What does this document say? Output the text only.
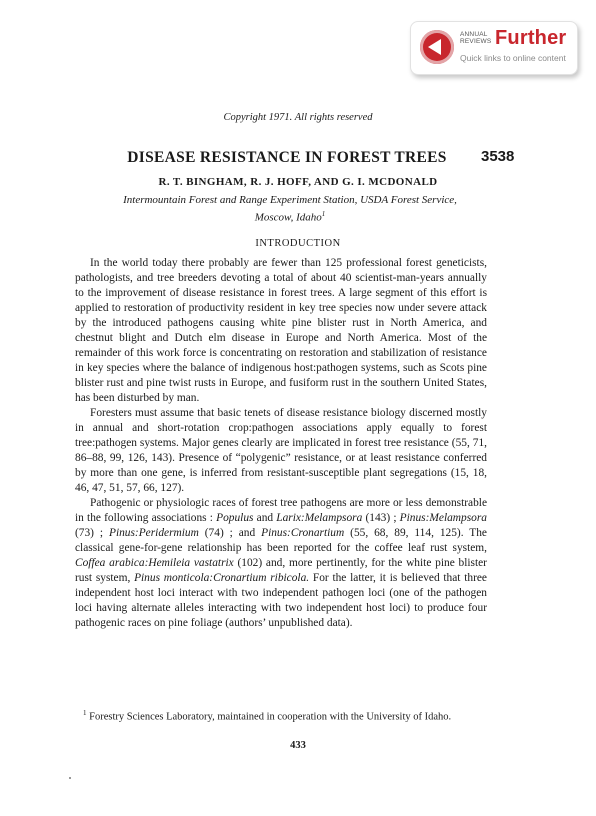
ANNUAL
REVIEWS Further
Quick links to online content
Copyright 1971. All rights reserved
DISEASE RESISTANCE IN FOREST TREES	3538
R. T. BINGHAM, R. J. HOFF, AND G. I. MCDONALD
Intermountain Forest and Range Experiment Station, USDA Forest Service,
Moscow, Idaho$^1$
INTRODUCTION

In the world today there probably are fewer than 125 professional forest geneticists, pathologists, and tree breeders devoting a total of about 40 scientist-man-years annually to the improvement of disease resistance in forest trees. A large segment of this effort is applied to restoration of productivity resident in key tree species now under severe attack by the introduced pathogens causing white pine blister rust in North America, and chestnut blight and Dutch elm disease in Europe and North America. Most of the remainder of this work force is concentrating on restoration and stabilization of resistance in key species where the balance of indigenous host:pathogen systems, such as Scots pine blister rust and pine twist rusts in Europe, and fusiform rust in the southern United States, has been disturbed by man.

Foresters must assume that basic tenets of disease resistance biology discerned mostly in annual and short-rotation crop:pathogen associations apply equally to forest tree:pathogen systems. Major genes clearly are implicated in forest tree resistance (55, 71, 86–88, 99, 126, 143). Presence of “polygenic” resistance, or at least resistance conferred by more than one gene, is inferred from resistant-susceptible plant segregations (15, 18, 46, 47, 51, 57, 66, 127).

Pathogenic or physiologic races of forest tree pathogens are more or less demonstrable in the following associations : Populus and Larix:Melampsora (143) ; Pinus:Melampsora (73) ; Pinus:Peridermium (74) ; and Pinus:Cronartium (55, 68, 89, 114, 125). The classical gene-for-gene relationship has been reported for the coffee leaf rust system, Coffea arabica:Hemileia vastatrix (102) and, more pertinently, for the white pine blister rust system, Pinus monticola:Cronartium ribicola. For the latter, it is believed that three independent host loci interact with two independent pathogen loci (one of the pathogen loci having alternate alleles interacting with two independent host loci) to produce four pathogenic races on pine foliage (authors’ unpublished data).

$^1$ Forestry Sciences Laboratory, maintained in cooperation with the University of Idaho.
433
